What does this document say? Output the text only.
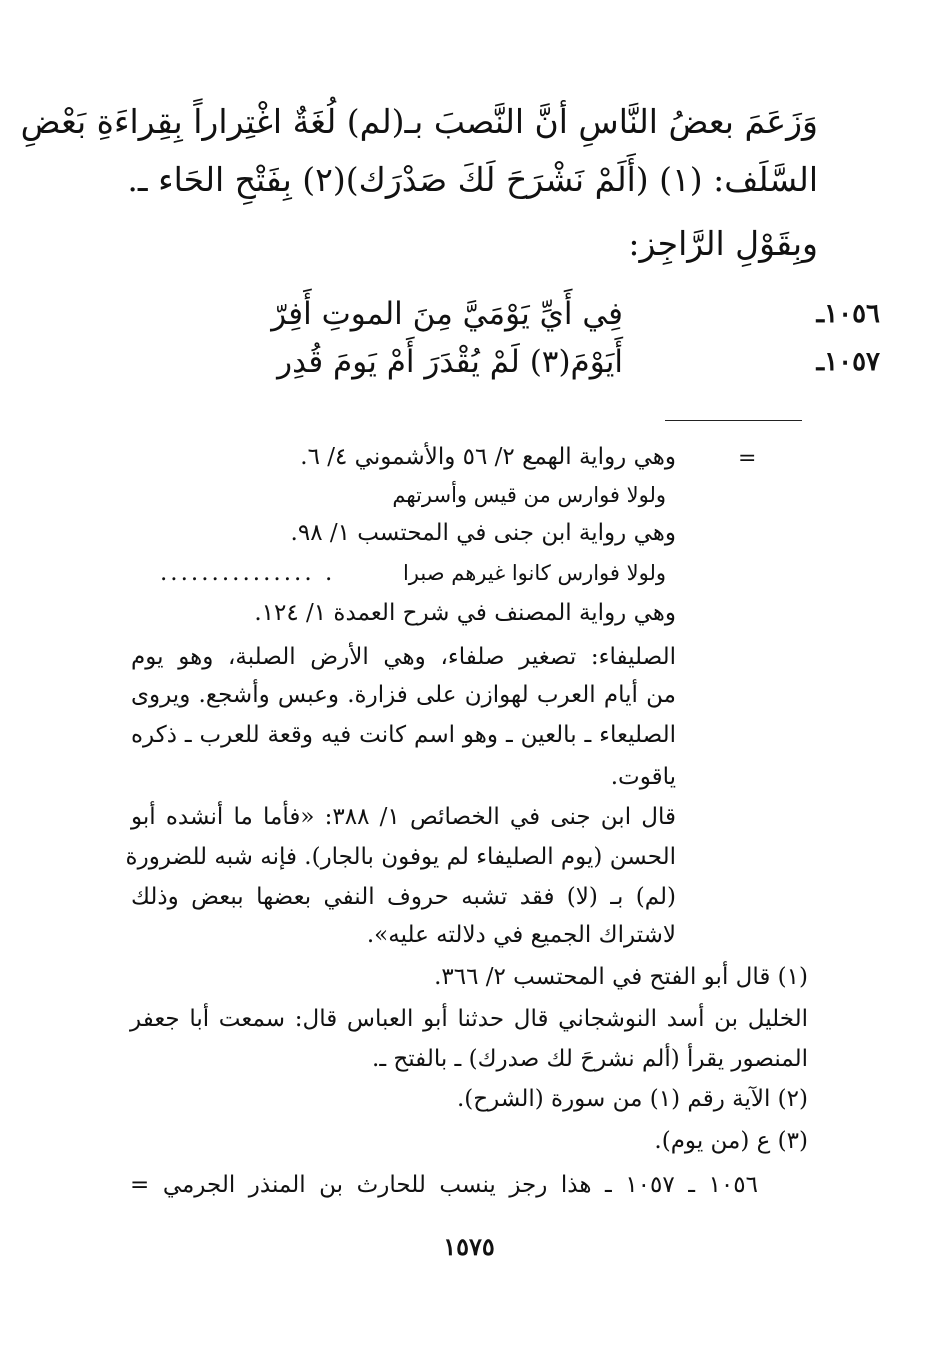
وَزَعَمَ بعضُ النَّاسِ أنَّ النَّصبَ بـ(لم) لُغَةٌ اغْتِراراً بِقِراءَةِ بَعْضِ
السَّلَف: (١) (أَلَمْ نَشْرَحَ لَكَ صَدْرَك)(٢) بِفَتْحِ الحَاء ـ.
وبِقَوْلِ الرَّاجِز:
١٠٥٦ـ
فِي أَيِّ يَوْمَيَّ مِنَ الموتِ أَفِرّ
١٠٥٧ـ
أَيَوْمَ(٣) لَمْ يُقْدَرَ أَمْ يَومَ قُدِر
=
وهي رواية الهمع ٢/ ٥٦ والأشموني ٤/ ٦.
ولولا فوارس من قيس وأسرتهم
وهي رواية ابن جنى في المحتسب ١/ ٩٨.
ولولا فوارس كانوا غيرهم صبرا
............... .
وهي رواية المصنف في شرح العمدة ١/ ١٢٤.
الصليفاء: تصغير صلفاء، وهي الأرض الصلبة، وهو يوم
من أيام العرب لهوازن على فزارة. وعبس وأشجع. ويروى
الصليعاء ـ بالعين ـ وهو اسم كانت فيه وقعة للعرب ـ ذكره
ياقوت.
قال ابن جنى في الخصائص ١/ ٣٨٨: «فأما ما أنشده أبو
الحسن (يوم الصليفاء لم يوفون بالجار). فإنه شبه للضرورة
(لم) بـ (لا) فقد تشبه حروف النفي بعضها ببعض وذلك
لاشتراك الجميع في دلالته عليه».
(١) قال أبو الفتح في المحتسب ٢/ ٣٦٦.
الخليل بن أسد النوشجاني قال حدثنا أبو العباس قال: سمعت أبا جعفر
المنصور يقرأ (ألم نشرحَ لك صدرك) ـ بالفتح ـ.
(٢) الآية رقم (١) من سورة (الشرح).
(٣) ع (من يوم).
١٠٥٦ ـ ١٠٥٧ ـ هذا رجز ينسب للحارث بن المنذر الجرمي =
١٥٧٥
